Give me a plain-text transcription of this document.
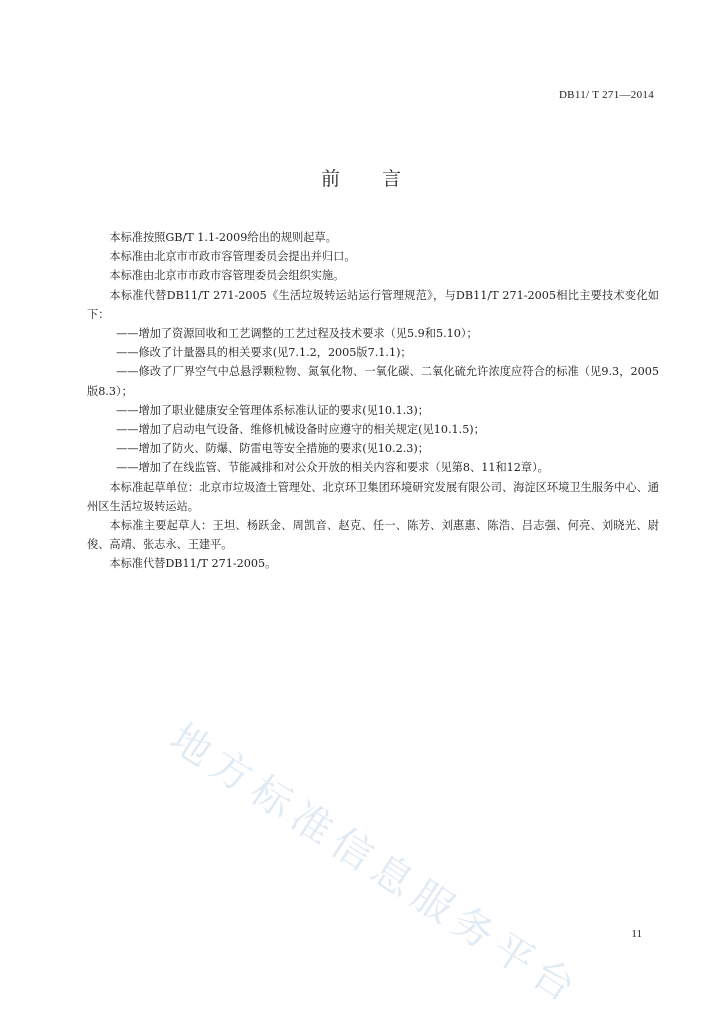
DB11/ T 271—2014
前 言

本标准按照GB/T 1.1-2009给出的规则起草。

本标准由北京市市政市容管理委员会提出并归口。

本标准由北京市市政市容管理委员会组织实施。

本标准代替DB11/T 271-2005《生活垃圾转运站运行管理规范》，与DB11/T 271-2005相比主要技术变化如下：

——增加了资源回收和工艺调整的工艺过程及技术要求（见5.9和5.10）；

——修改了计量器具的相关要求(见7.1.2，2005版7.1.1)；

——修改了厂界空气中总悬浮颗粒物、氮氧化物、一氧化碳、二氧化硫允许浓度应符合的标准（见9.3，2005版8.3）；

——增加了职业健康安全管理体系标准认证的要求(见10.1.3)；

——增加了启动电气设备、维修机械设备时应遵守的相关规定(见10.1.5)；

——增加了防火、防爆、防雷电等安全措施的要求(见10.2.3)；

——增加了在线监管、节能减排和对公众开放的相关内容和要求（见第8、11和12章）。

本标准起草单位：北京市垃圾渣土管理处、北京环卫集团环境研究发展有限公司、海淀区环境卫生服务中心、通州区生活垃圾转运站。

本标准主要起草人：王坦、杨跃金、周凯音、赵克、任一、陈芳、刘惠惠、陈浩、吕志强、何亮、刘晓光、尉俊、高靖、张志永、王建平。

本标准代替DB11/T 271-2005。

地方标准信息服务平台	11
